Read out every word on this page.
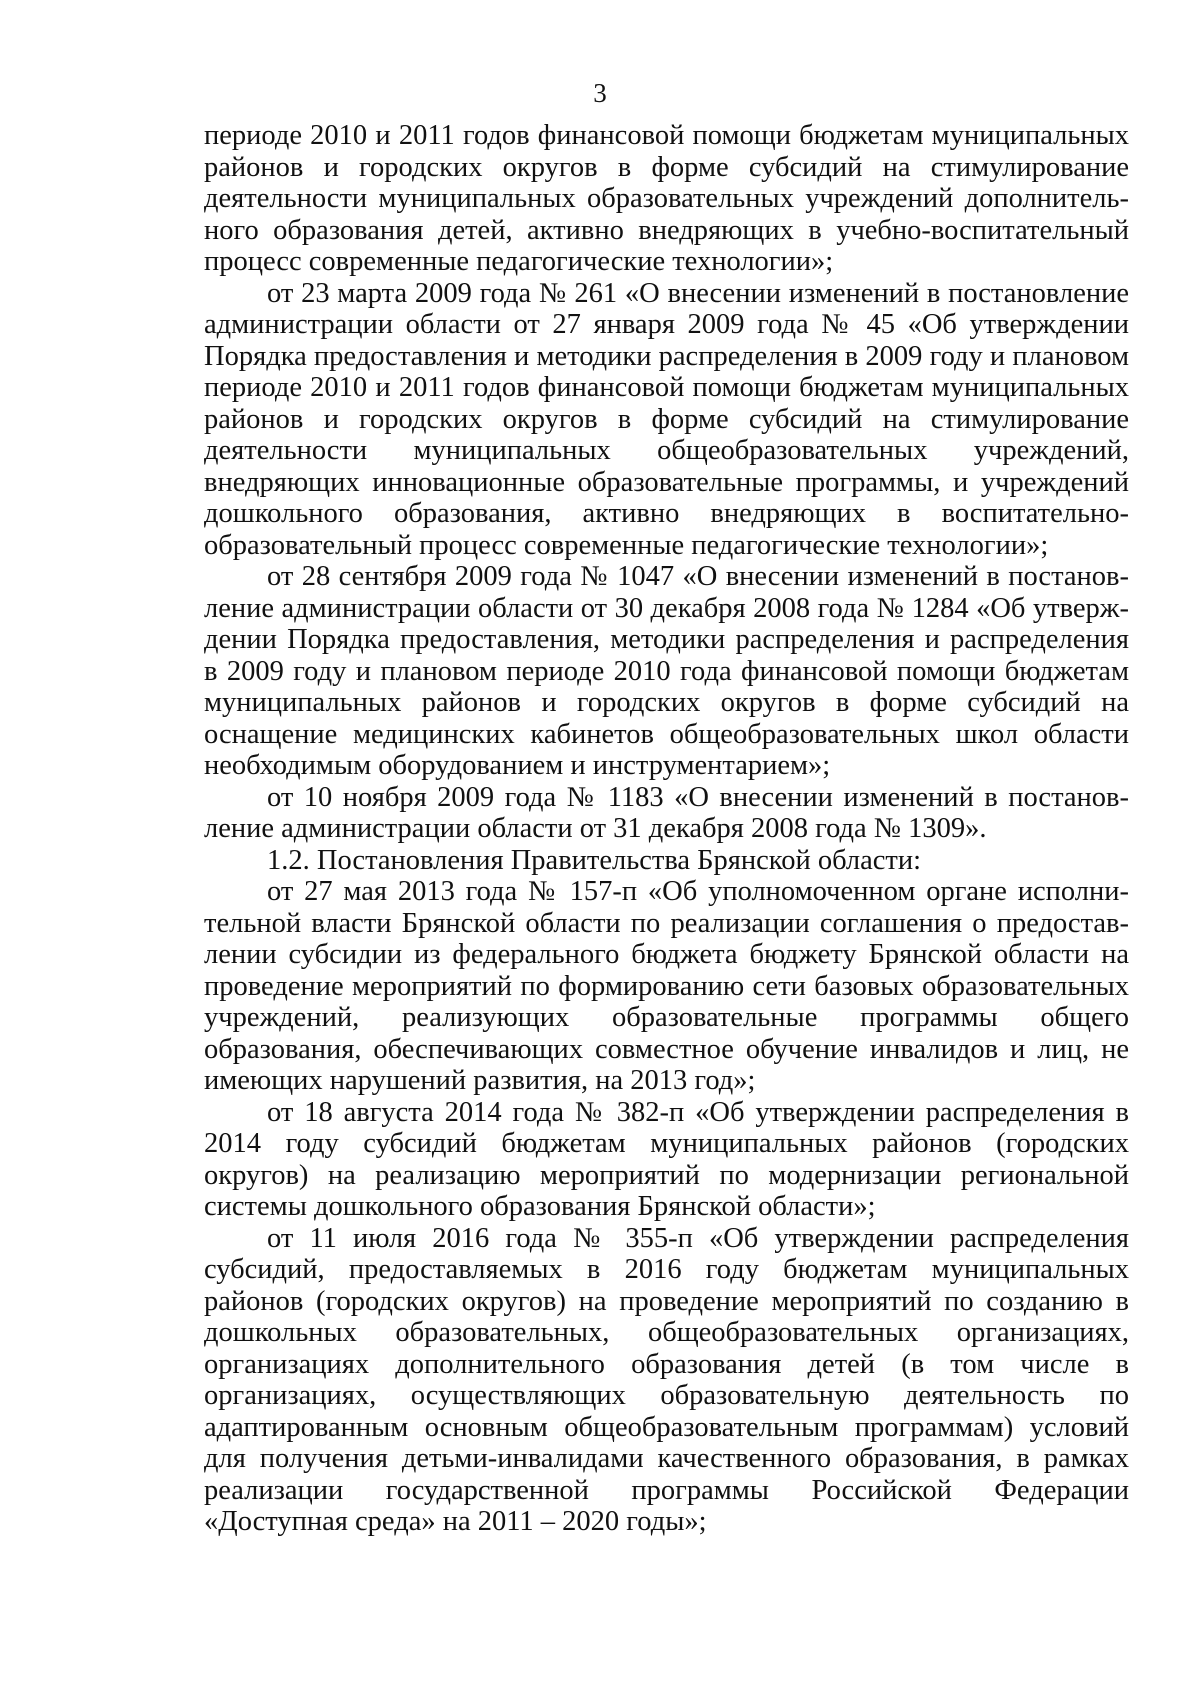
3

периоде 2010 и 2011 годов финансовой помощи бюджетам муниципальных районов и городских округов в форме субсидий на стимулирование деятельности муниципальных образовательных учреждений дополнительного образования детей, активно внедряющих в учебно-воспитательный процесс современные педагогические технологии»;

от 23 марта 2009 года № 261 «О внесении изменений в постановление администрации области от 27 января 2009 года № 45 «Об утверждении Порядка предоставления и методики распределения в 2009 году и плановом периоде 2010 и 2011 годов финансовой помощи бюджетам муниципальных районов и городских округов в форме субсидий на стимулирование деятельности муниципальных общеобразовательных учреждений, внедряющих инновационные образовательные программы, и учреждений дошкольного образования, активно внедряющих в воспитательно-образовательный процесс современные педагогические технологии»;

от 28 сентября 2009 года № 1047 «О внесении изменений в постановление администрации области от 30 декабря 2008 года № 1284 «Об утверждении Порядка предоставления, методики распределения и распределения в 2009 году и плановом периоде 2010 года финансовой помощи бюджетам муниципальных районов и городских округов в форме субсидий на оснащение медицинских кабинетов общеобразовательных школ области необходимым оборудованием и инструментарием»;

от 10 ноября 2009 года № 1183 «О внесении изменений в постановление администрации области от 31 декабря 2008 года № 1309».

1.2. Постановления Правительства Брянской области:

от 27 мая 2013 года № 157-п «Об уполномоченном органе исполнительной власти Брянской области по реализации соглашения о предоставлении субсидии из федерального бюджета бюджету Брянской области на проведение мероприятий по формированию сети базовых образовательных учреждений, реализующих образовательные программы общего образования, обеспечивающих совместное обучение инвалидов и лиц, не имеющих нарушений развития, на 2013 год»;

от 18 августа 2014 года № 382-п «Об утверждении распределения в 2014 году субсидий бюджетам муниципальных районов (городских округов) на реализацию мероприятий по модернизации региональной системы дошкольного образования Брянской области»;

от 11 июля 2016 года № 355-п «Об утверждении распределения субсидий, предоставляемых в 2016 году бюджетам муниципальных районов (городских округов) на проведение мероприятий по созданию в дошкольных образовательных, общеобразовательных организациях, организациях дополнительного образования детей (в том числе в организациях, осуществляющих образовательную деятельность по адаптированным основным общеобразовательным программам) условий для получения детьми-инвалидами качественного образования, в рамках реализации государственной программы Российской Федерации «Доступная среда» на 2011 – 2020 годы»;
